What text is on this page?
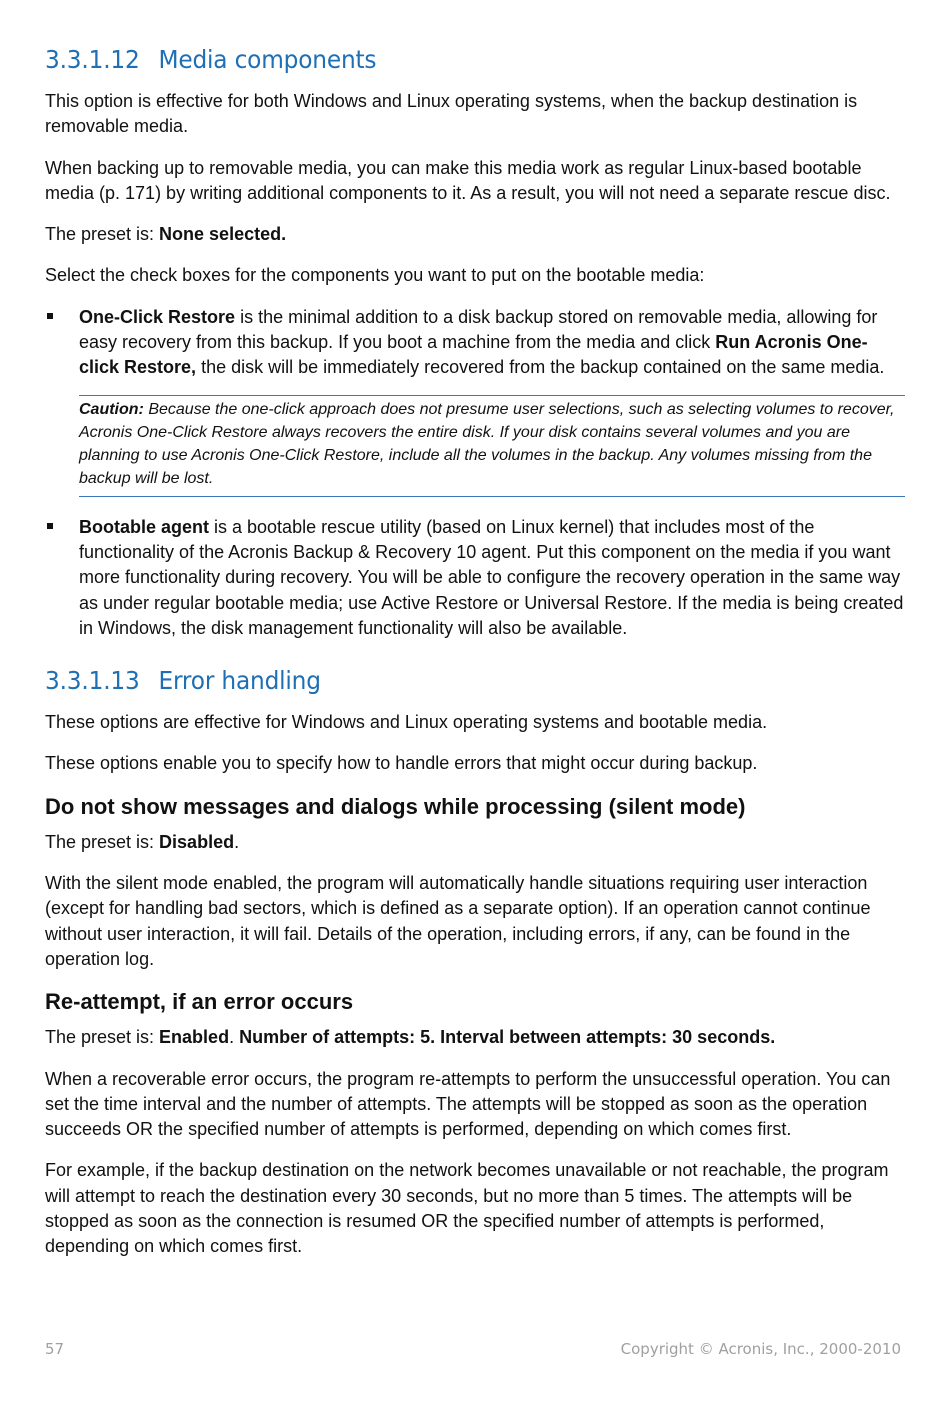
3.3.1.12 Media components

This option is effective for both Windows and Linux operating systems, when the backup destination is removable media.

When backing up to removable media, you can make this media work as regular Linux-based bootable media (p. 171) by writing additional components to it. As a result, you will not need a separate rescue disc.

The preset is: None selected.

Select the check boxes for the components you want to put on the bootable media:

One-Click Restore is the minimal addition to a disk backup stored on removable media, allowing for easy recovery from this backup. If you boot a machine from the media and click Run Acronis One-click Restore, the disk will be immediately recovered from the backup contained on the same media.
Caution: Because the one-click approach does not presume user selections, such as selecting volumes to recover, Acronis One-Click Restore always recovers the entire disk. If your disk contains several volumes and you are planning to use Acronis One-Click Restore, include all the volumes in the backup. Any volumes missing from the backup will be lost.
Bootable agent is a bootable rescue utility (based on Linux kernel) that includes most of the functionality of the Acronis Backup & Recovery 10 agent. Put this component on the media if you want more functionality during recovery. You will be able to configure the recovery operation in the same way as under regular bootable media; use Active Restore or Universal Restore. If the media is being created in Windows, the disk management functionality will also be available.
3.3.1.13 Error handling

These options are effective for Windows and Linux operating systems and bootable media.

These options enable you to specify how to handle errors that might occur during backup.

Do not show messages and dialogs while processing (silent mode)

The preset is: Disabled.

With the silent mode enabled, the program will automatically handle situations requiring user interaction (except for handling bad sectors, which is defined as a separate option). If an operation cannot continue without user interaction, it will fail. Details of the operation, including errors, if any, can be found in the operation log.

Re-attempt, if an error occurs

The preset is: Enabled. Number of attempts: 5. Interval between attempts: 30 seconds.

When a recoverable error occurs, the program re-attempts to perform the unsuccessful operation. You can set the time interval and the number of attempts. The attempts will be stopped as soon as the operation succeeds OR the specified number of attempts is performed, depending on which comes first.

For example, if the backup destination on the network becomes unavailable or not reachable, the program will attempt to reach the destination every 30 seconds, but no more than 5 times. The attempts will be stopped as soon as the connection is resumed OR the specified number of attempts is performed, depending on which comes first.

57	Copyright © Acronis, Inc., 2000-2010
